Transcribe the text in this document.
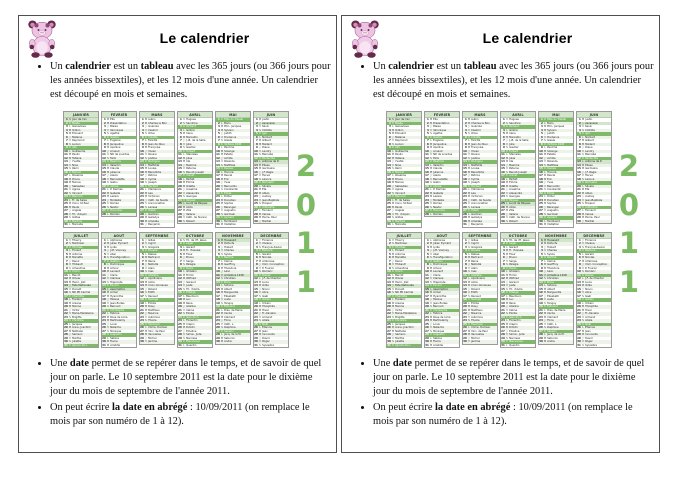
Le calendrier
• Un calendrier est un tableau avec les 365 jours (ou 366 jours pour les années bissextiles), et les 12 mois d'une année. Un calendrier est découpé en mois et semaines.
JANVIER
1 S Jour de l'an
2 D Basile
3 L Geneviève
4 M Odilon
5 M Edouard
6 J Mélaine
7 V Raymond
8 S Lucien
9 D Alix
10 L Guillaume
11 M Paulin
12 M Tatiana
13 J Yvette
14 V Nina
15 S Rémi
16 D Marcel
17 L Roseline
18 M Prisca
19 M Marius
20 J Sébastien
21 V Agnès
22 S Vincent
23 D Barnard
24 L Fr. de Sales
25 M Conv. St Paul
26 M Paule
27 J Angèle
28 V Th. d'Aquin
29 S Gildas
30 D Martine
31 L Marcelle
FEVRIER
1 M Ella
2 M Présentation
3 J Blaise
4 V Véronique
5 S Agathe
6 D Gaston
7 L Eugénie
8 M Jacqueline
9 M Apolline
10 J Arnaud
11 V ND de Lourdes
12 S Félix
13 D Béatrice
14 L Valentin
15 M Claude
16 M Julienne
17 J Alexis
18 V Bernadette
19 S Gabin
20 D Aimée
21 L P. Damien
22 M Isabelle
23 M Lazare
24 J Modeste
25 V Roméo
26 S Nestor
27 D Honorine
28 L Romain
MARS
1 M Aubin
2 M Charles le Bon
3 J Guénolé
4 V Casimir
5 S Olive
6 D Colette
7 L Félicité
8 M Jean de Dieu
9 M Françoise
10 J Vivien
11 V Rosine
12 S Justine
13 D Rodrigue
14 L Mathilde
15 M Louise
16 M Bénédicte
17 J Patrice
18 V Cyrille
19 S Joseph
20 D Herbert
21 L Clémence
22 M Léa
23 M Victorien
24 J Cath. de Suède
25 V Annonciation
26 S Larissa
27 D Habib
28 L Gontran
29 M Gwladys
30 M Amédée
31 J Benjamin
AVRIL
1 V Hugues
2 S Sandrine
3 D Richard
4 L Isidore
5 M Irène
6 M Marcellin
7 J J.-B. de la Salle
8 V Julie
9 S Gautier
10 D Fulbert
11 L Stanislas
12 M Jules
13 M Ida
14 J Maxime
15 V Paterne
16 S Benoît-Joseph
17 D Anicet
18 L Parfait
19 M Emma
20 M Odette
21 J Anselme
22 V Alexandre
23 S Georges
24 D Pâques
25 L Lundi de Pâques
26 M Alida
27 M Zita
28 J Valérie
29 V Cath. de Sienne
30 S Robert
MAI
1 D Fête du Travail
2 L Boris
3 M Phil., Jacques
4 M Sylvain
5 J Judith
6 V Prudence
7 S Gisèle
8 D Victoire 1945
9 L Pacôme
10 M Solange
11 M Estelle
12 J Achille
13 V Rolande
14 S Matthias
15 D Denise
16 L Honoré
17 M Pascal
18 M Éric
19 J Yves
20 V Bernardin
21 S Constantin
22 D Émile
23 L Didier
24 M Donatien
25 M Sophie
26 J Bérenger
27 V Augustin
28 S Germain
29 D Aymard
30 L Ferdinand
31 M Visitation
JUIN
1 M Justin
2 J Ascension
3 V Kévin
4 S Clotilde
5 D Igor
6 L Norbert
7 M Gilbert
8 M Médard
9 J Diane
10 V Landry
11 S Barnabé
12 D Pentecôte
13 L Antoine de P.
14 M Élisée
15 M Germaine
16 J J.F. Régis
17 V Hervé
18 S Léonce
19 D Romuald
20 L Silvère
21 M Été
22 M Alban
23 J Audrey
24 V Jean-Baptiste
25 S Prosper
26 D Anthelme
27 L Fernand
28 M Irénée
29 M Pierre, Paul
30 J Martial
JUILLET
1 V Thierry
2 S Martinien
3 D Thomas
4 L Florent
5 M Antoine
6 M Mariette
7 J Raoul
8 V Thibault
9 S Amandine
10 D Ulrich
11 L Benoît
12 M Olivier
13 M Henri, Joël
14 J Fête Nationale
15 V Donald
16 S ND Mt Carmel
17 D Charlotte
18 L Frédéric
19 M Arsène
20 M Marina
21 J Victor
22 V Marie-Madeleine
23 S Brigitte
24 D Christine
25 L Jacques
26 M Anne, Joachim
27 M Nathalie
28 J Samson
29 V Marthe
30 S Juliette
31 D Ignace de L.
AOUT
1 L Alphonse
2 M Julien Eymard
3 M Lydie
4 J J.M. Vianney
5 V Abel
6 S Transfiguration
7 D Gaétan
8 L Dominique
9 M Amour
10 M Laurent
11 J Claire
12 V Clarisse
13 S Hippolyte
14 D Évrard
15 L Assomption
16 M Armel
17 M Hyacinthe
18 J Hélène
19 V Jean-Eudes
20 S Bernard
21 D Christophe
22 L Fabrice
23 M Rose de Lima
24 M Barthélémy
25 J Louis
26 V Natacha
27 S Monique
28 D Augustin
29 L Sabine
30 M Fiacre
31 M Aristide
SEPTEMBRE
1 J Gilles
2 V Ingrid
3 S Grégoire
4 D Rosalie
5 L Raïssa
6 M Bertrand
7 M Reine
8 J Nativité
9 V Alain
10 S Inès
11 D Adelphe
12 L Apollinaire
13 M Aimé
14 M Croix Glorieuse
15 J Roland
16 V Édith
17 S Renaud
18 D Nadège
19 L Émilie
20 M Davy
21 M Matthieu
22 J Maurice
23 V Automne
24 S Thècle
25 D Hermann
26 L Côme, Damien
27 M Vinc. de Paul
28 M Venceslas
29 J Michel
30 V Jérôme
OCTOBRE
1 S Th. de l'E. Jésus
2 D Léger
3 L Gérard
4 M Fr. d'Assise
5 M Fleur
6 J Bruno
7 V Serge
8 S Pélagie
9 D Denis
10 L Ghislain
11 M Firmin
12 M Wilfried
13 J Géraud
14 V Juste
15 S Th. d'Avila
16 D Edwige
17 L Baudouin
18 M Luc
19 M René
20 J Adeline
21 V Céline
22 S Élodie
23 D Jean de C.
24 L Florentin
25 M Crépin
26 M Dimitri
27 J Émeline
28 V Simon, Jude
29 S Narcisse
30 D Bienvenue
31 L Quentin
NOVEMBRE
1 M Toussaint
2 M Défunts
3 J Hubert
4 V Charles
5 S Sylvie
6 D Bertille
7 L Carine
8 M Geoffroy
9 M Théodore
10 J Léon
11 V Armistice 1918
12 S Christian
13 D Brice
14 L Sidoine
15 M Albert
16 M Marguerite
17 J Élisabeth
18 V Aude
19 S Tanguy
20 D Edmond
21 L Prés. de Marie
22 M Cécile
23 M Clément
24 J Flora
25 V Cath. L.
26 S Delphine
27 D Séverin
28 L Jacq. de la M.
29 M Saturnin
30 M André
DECEMBRE
1 J Florence
2 V Viviane
3 S François-Xavier
4 D Barbara
5 L Gérald
6 M Nicolas
7 M Ambroise
8 J Imm. Conception
9 V P. Fourier
10 S Romaric
11 D Daniel
12 L J.F. de Chantal
13 M Lucie
14 M Odile
15 J Ninon
16 V Alice
17 S Gaël
18 D Gatien
19 L Urbain
20 M Théophile
21 M Hiver
22 J Fr.-Xavière
23 V Armand
24 S Adèle
25 D Noël
26 L Étienne
27 M Jean
28 M Innocents
29 J David
30 V Roger
31 S Sylvestre
2
0
1
1
• Une date permet de se repérer dans le temps, et de savoir de quel jour on parle. Le 10 septembre 2011 est la date pour le dixième jour du mois de septembre de l'année 2011.
• On peut écrire la date en abrégé : 10/09/2011 (on remplace le mois par son numéro de 1 à 12).
Le calendrier
• Un calendrier est un tableau avec les 365 jours (ou 366 jours pour les années bissextiles), et les 12 mois d'une année. Un calendrier est découpé en mois et semaines.
JANVIER
1 S Jour de l'an
2 D Basile
3 L Geneviève
4 M Odilon
5 M Edouard
6 J Mélaine
7 V Raymond
8 S Lucien
9 D Alix
10 L Guillaume
11 M Paulin
12 M Tatiana
13 J Yvette
14 V Nina
15 S Rémi
16 D Marcel
17 L Roseline
18 M Prisca
19 M Marius
20 J Sébastien
21 V Agnès
22 S Vincent
23 D Barnard
24 L Fr. de Sales
25 M Conv. St Paul
26 M Paule
27 J Angèle
28 V Th. d'Aquin
29 S Gildas
30 D Martine
31 L Marcelle
FEVRIER
1 M Ella
2 M Présentation
3 J Blaise
4 V Véronique
5 S Agathe
6 D Gaston
7 L Eugénie
8 M Jacqueline
9 M Apolline
10 J Arnaud
11 V ND de Lourdes
12 S Félix
13 D Béatrice
14 L Valentin
15 M Claude
16 M Julienne
17 J Alexis
18 V Bernadette
19 S Gabin
20 D Aimée
21 L P. Damien
22 M Isabelle
23 M Lazare
24 J Modeste
25 V Roméo
26 S Nestor
27 D Honorine
28 L Romain
MARS
1 M Aubin
2 M Charles le Bon
3 J Guénolé
4 V Casimir
5 S Olive
6 D Colette
7 L Félicité
8 M Jean de Dieu
9 M Françoise
10 J Vivien
11 V Rosine
12 S Justine
13 D Rodrigue
14 L Mathilde
15 M Louise
16 M Bénédicte
17 J Patrice
18 V Cyrille
19 S Joseph
20 D Herbert
21 L Clémence
22 M Léa
23 M Victorien
24 J Cath. de Suède
25 V Annonciation
26 S Larissa
27 D Habib
28 L Gontran
29 M Gwladys
30 M Amédée
31 J Benjamin
AVRIL
1 V Hugues
2 S Sandrine
3 D Richard
4 L Isidore
5 M Irène
6 M Marcellin
7 J J.-B. de la Salle
8 V Julie
9 S Gautier
10 D Fulbert
11 L Stanislas
12 M Jules
13 M Ida
14 J Maxime
15 V Paterne
16 S Benoît-Joseph
17 D Anicet
18 L Parfait
19 M Emma
20 M Odette
21 J Anselme
22 V Alexandre
23 S Georges
24 D Pâques
25 L Lundi de Pâques
26 M Alida
27 M Zita
28 J Valérie
29 V Cath. de Sienne
30 S Robert
MAI
1 D Fête du Travail
2 L Boris
3 M Phil., Jacques
4 M Sylvain
5 J Judith
6 V Prudence
7 S Gisèle
8 D Victoire 1945
9 L Pacôme
10 M Solange
11 M Estelle
12 J Achille
13 V Rolande
14 S Matthias
15 D Denise
16 L Honoré
17 M Pascal
18 M Éric
19 J Yves
20 V Bernardin
21 S Constantin
22 D Émile
23 L Didier
24 M Donatien
25 M Sophie
26 J Bérenger
27 V Augustin
28 S Germain
29 D Aymard
30 L Ferdinand
31 M Visitation
JUIN
1 M Justin
2 J Ascension
3 V Kévin
4 S Clotilde
5 D Igor
6 L Norbert
7 M Gilbert
8 M Médard
9 J Diane
10 V Landry
11 S Barnabé
12 D Pentecôte
13 L Antoine de P.
14 M Élisée
15 M Germaine
16 J J.F. Régis
17 V Hervé
18 S Léonce
19 D Romuald
20 L Silvère
21 M Été
22 M Alban
23 J Audrey
24 V Jean-Baptiste
25 S Prosper
26 D Anthelme
27 L Fernand
28 M Irénée
29 M Pierre, Paul
30 J Martial
JUILLET
1 V Thierry
2 S Martinien
3 D Thomas
4 L Florent
5 M Antoine
6 M Mariette
7 J Raoul
8 V Thibault
9 S Amandine
10 D Ulrich
11 L Benoît
12 M Olivier
13 M Henri, Joël
14 J Fête Nationale
15 V Donald
16 S ND Mt Carmel
17 D Charlotte
18 L Frédéric
19 M Arsène
20 M Marina
21 J Victor
22 V Marie-Madeleine
23 S Brigitte
24 D Christine
25 L Jacques
26 M Anne, Joachim
27 M Nathalie
28 J Samson
29 V Marthe
30 S Juliette
31 D Ignace de L.
AOUT
1 L Alphonse
2 M Julien Eymard
3 M Lydie
4 J J.M. Vianney
5 V Abel
6 S Transfiguration
7 D Gaétan
8 L Dominique
9 M Amour
10 M Laurent
11 J Claire
12 V Clarisse
13 S Hippolyte
14 D Évrard
15 L Assomption
16 M Armel
17 M Hyacinthe
18 J Hélène
19 V Jean-Eudes
20 S Bernard
21 D Christophe
22 L Fabrice
23 M Rose de Lima
24 M Barthélémy
25 J Louis
26 V Natacha
27 S Monique
28 D Augustin
29 L Sabine
30 M Fiacre
31 M Aristide
SEPTEMBRE
1 J Gilles
2 V Ingrid
3 S Grégoire
4 D Rosalie
5 L Raïssa
6 M Bertrand
7 M Reine
8 J Nativité
9 V Alain
10 S Inès
11 D Adelphe
12 L Apollinaire
13 M Aimé
14 M Croix Glorieuse
15 J Roland
16 V Édith
17 S Renaud
18 D Nadège
19 L Émilie
20 M Davy
21 M Matthieu
22 J Maurice
23 V Automne
24 S Thècle
25 D Hermann
26 L Côme, Damien
27 M Vinc. de Paul
28 M Venceslas
29 J Michel
30 V Jérôme
OCTOBRE
1 S Th. de l'E. Jésus
2 D Léger
3 L Gérard
4 M Fr. d'Assise
5 M Fleur
6 J Bruno
7 V Serge
8 S Pélagie
9 D Denis
10 L Ghislain
11 M Firmin
12 M Wilfried
13 J Géraud
14 V Juste
15 S Th. d'Avila
16 D Edwige
17 L Baudouin
18 M Luc
19 M René
20 J Adeline
21 V Céline
22 S Élodie
23 D Jean de C.
24 L Florentin
25 M Crépin
26 M Dimitri
27 J Émeline
28 V Simon, Jude
29 S Narcisse
30 D Bienvenue
31 L Quentin
NOVEMBRE
1 M Toussaint
2 M Défunts
3 J Hubert
4 V Charles
5 S Sylvie
6 D Bertille
7 L Carine
8 M Geoffroy
9 M Théodore
10 J Léon
11 V Armistice 1918
12 S Christian
13 D Brice
14 L Sidoine
15 M Albert
16 M Marguerite
17 J Élisabeth
18 V Aude
19 S Tanguy
20 D Edmond
21 L Prés. de Marie
22 M Cécile
23 M Clément
24 J Flora
25 V Cath. L.
26 S Delphine
27 D Séverin
28 L Jacq. de la M.
29 M Saturnin
30 M André
DECEMBRE
1 J Florence
2 V Viviane
3 S François-Xavier
4 D Barbara
5 L Gérald
6 M Nicolas
7 M Ambroise
8 J Imm. Conception
9 V P. Fourier
10 S Romaric
11 D Daniel
12 L J.F. de Chantal
13 M Lucie
14 M Odile
15 J Ninon
16 V Alice
17 S Gaël
18 D Gatien
19 L Urbain
20 M Théophile
21 M Hiver
22 J Fr.-Xavière
23 V Armand
24 S Adèle
25 D Noël
26 L Étienne
27 M Jean
28 M Innocents
29 J David
30 V Roger
31 S Sylvestre
2
0
1
1
• Une date permet de se repérer dans le temps, et de savoir de quel jour on parle. Le 10 septembre 2011 est la date pour le dixième jour du mois de septembre de l'année 2011.
• On peut écrire la date en abrégé : 10/09/2011 (on remplace le mois par son numéro de 1 à 12).
